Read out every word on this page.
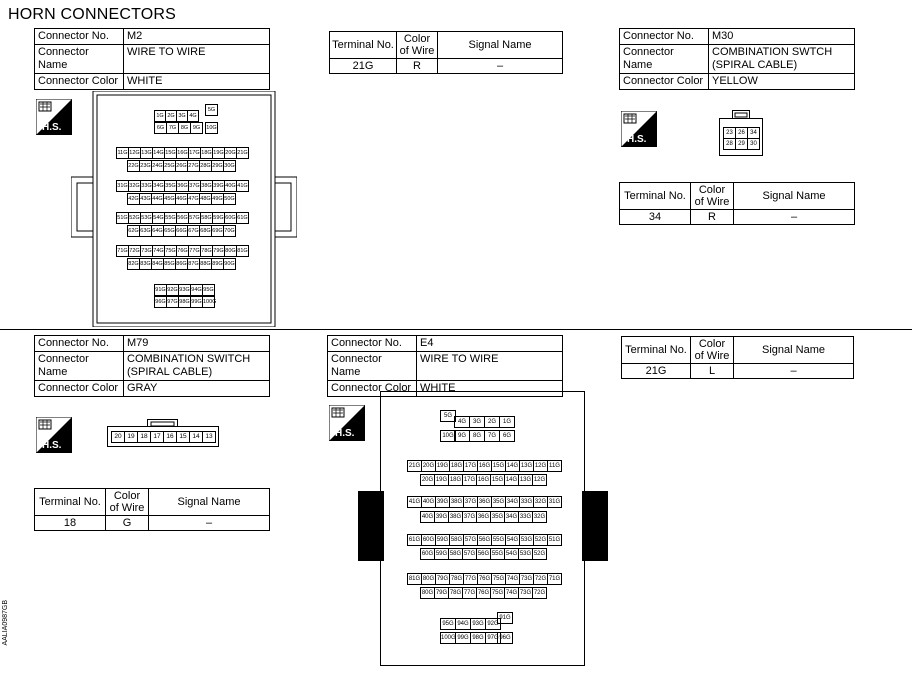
HORN CONNECTORS
Connector No.	M2
Connector Name	WIRE TO WIRE
Connector Color	WHITE
Terminal No.	Color of Wire	Signal Name
21G	R	–
Connector No.	M30
Connector Name	COMBINATION SWTCH (SPIRAL CABLE)
Connector Color	YELLOW
Terminal No.	Color of Wire	Signal Name
34	R	–
H.S.
H.S.
1G 2G 3G 4G
6G 7G 8G 9G
5G
10G
11G 12G 13G 14G 15G 16G 17G 18G 19G 20G 21G
22G 23G 24G 25G 26G 27G 28G 29G 30G
31G 32G 33G 34G 35G 36G 37G 38G 39G 40G 41G
42G 43G 44G 45G 46G 47G 48G 49G 50G
51G 52G 53G 54G 55G 56G 57G 58G 59G 60G 61G
62G 63G 64G 65G 66G 67G 68G 69G 70G
71G 72G 73G 74G 75G 76G 77G 78G 79G 80G 81G
82G 83G 84G 85G 86G 87G 88G 89G 90G
91G 92G 93G 94G 95G
96G 97G 98G 99G 100G
23 26 34
28 29 30
Connector No.	M79
Connector Name	COMBINATION SWITCH (SPIRAL CABLE)
Connector Color	GRAY
H.S.
20 19 18 17 16 15 14 13
Terminal No.	Color of Wire	Signal Name
18	G	–
Connector No.	E4
Connector Name	WIRE TO WIRE
Connector Color	WHITE
H.S.
Terminal No.	Color of Wire	Signal Name
21G	L	–
4G	3G	2G	1G
9G	8G	7G	6G
5G
10G
21G 20G 19G 18G 17G 16G 15G 14G 13G 12G 11G
20G 19G 18G 17G 16G 15G 14G 13G 12G
41G 40G 39G 38G 37G 36G 35G 34G 33G 32G 31G
40G 39G 38G 37G 36G 35G 34G 33G 32G
61G 60G 59G 58G 57G 56G 55G 54G 53G 52G 51G
60G 59G 58G 57G 56G 55G 54G 53G 52G
81G 80G 79G 78G 77G 76G 75G 74G 73G 72G 71G
80G 79G 78G 77G 76G 75G 74G 73G 72G
95G 94G 93G 92G
100G 99G 98G 97G
91G
96G
AALIA0987GB
